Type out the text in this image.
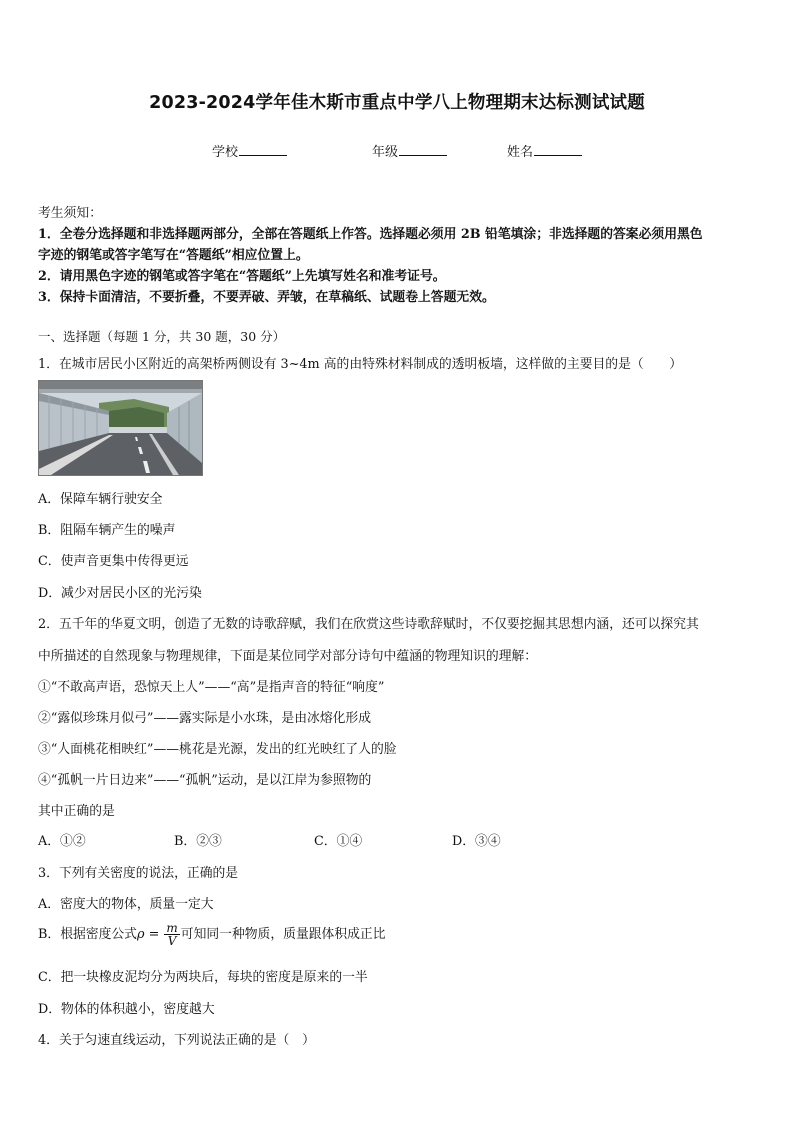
2023-2024学年佳木斯市重点中学八上物理期末达标测试试题
学校	年级	姓名
考生须知：
1．全卷分选择题和非选择题两部分，全部在答题纸上作答。选择题必须用 2B 铅笔填涂；非选择题的答案必须用黑色
字迹的钢笔或答字笔写在“答题纸”相应位置上。
2．请用黑色字迹的钢笔或答字笔在“答题纸”上先填写姓名和准考证号。
3．保持卡面清洁，不要折叠，不要弄破、弄皱，在草稿纸、试题卷上答题无效。
一、选择题（每题 1 分，共 30 题，30 分）
1．在城市居民小区附近的高架桥两侧设有 3~4m 高的由特殊材料制成的透明板墙，这样做的主要目的是（　　）
A．保障车辆行驶安全
B．阻隔车辆产生的噪声
C．使声音更集中传得更远
D．减少对居民小区的光污染
2．五千年的华夏文明，创造了无数的诗歌辞赋，我们在欣赏这些诗歌辞赋时，不仅要挖掘其思想内涵，还可以探究其
中所描述的自然现象与物理规律，下面是某位同学对部分诗句中蕴涵的物理知识的理解：
①“不敢高声语，恐惊天上人”——“高”是指声音的特征“响度”
②“露似珍珠月似弓”——露实际是小水珠，是由冰熔化形成
③“人面桃花相映红”——桃花是光源，发出的红光映红了人的脸
④“孤帆一片日边来”——“孤帆”运动，是以江岸为参照物的
其中正确的是
A．①②	B．②③	C．①④	D．③④
3．下列有关密度的说法，正确的是
A．密度大的物体，质量一定大
B．根据密度公式$\rho = \frac{m}{V}$ 可知同一种物质，质量跟体积成正比
C．把一块橡皮泥均分为两块后，每块的密度是原来的一半
D．物体的体积越小，密度越大
4．关于匀速直线运动，下列说法正确的是（　）
